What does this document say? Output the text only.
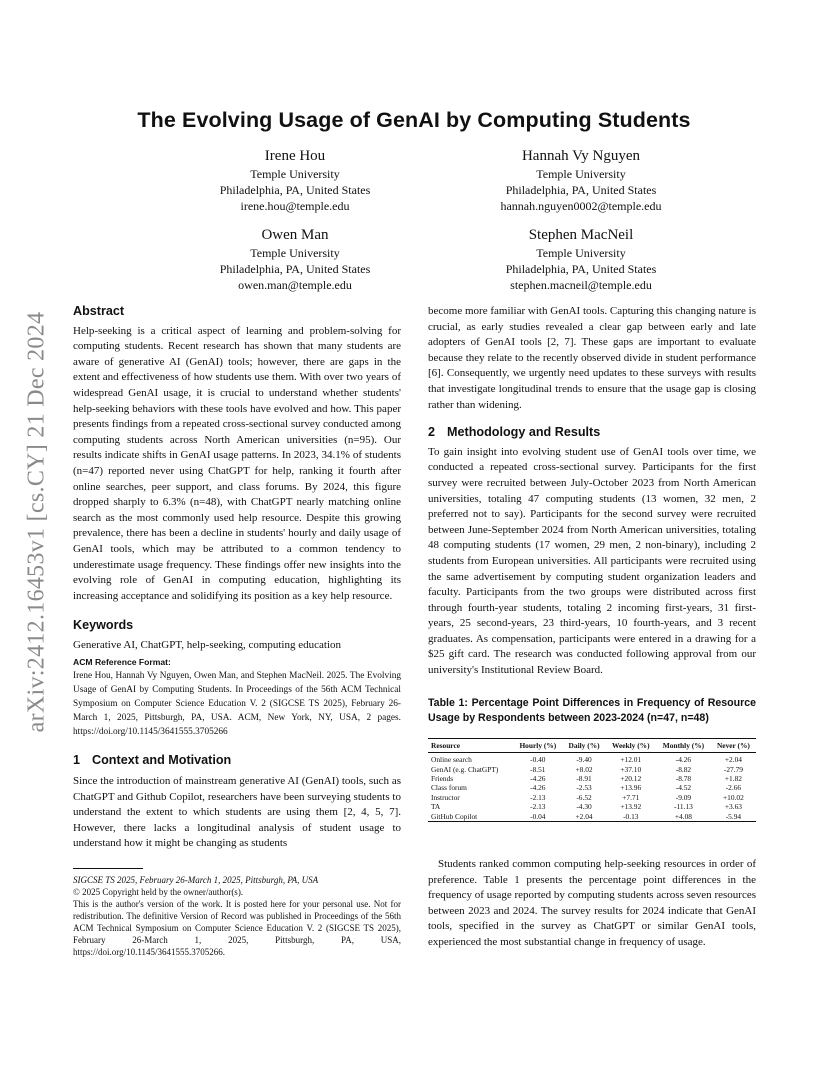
arXiv:2412.16453v1 [cs.CY] 21 Dec 2024
The Evolving Usage of GenAI by Computing Students
Irene Hou
Temple University
Philadelphia, PA, United States
irene.hou@temple.edu
Hannah Vy Nguyen
Temple University
Philadelphia, PA, United States
hannah.nguyen0002@temple.edu
Owen Man
Temple University
Philadelphia, PA, United States
owen.man@temple.edu
Stephen MacNeil
Temple University
Philadelphia, PA, United States
stephen.macneil@temple.edu
Abstract

Help-seeking is a critical aspect of learning and problem-solving for computing students. Recent research has shown that many students are aware of generative AI (GenAI) tools; however, there are gaps in the extent and effectiveness of how students use them. With over two years of widespread GenAI usage, it is crucial to understand whether students' help-seeking behaviors with these tools have evolved and how. This paper presents findings from a repeated cross-sectional survey conducted among computing students across North American universities (n=95). Our results indicate shifts in GenAI usage patterns. In 2023, 34.1% of students (n=47) reported never using ChatGPT for help, ranking it fourth after online searches, peer support, and class forums. By 2024, this figure dropped sharply to 6.3% (n=48), with ChatGPT nearly matching online search as the most commonly used help resource. Despite this growing prevalence, there has been a decline in students' hourly and daily usage of GenAI tools, which may be attributed to a common tendency to underestimate usage frequency. These findings offer new insights into the evolving role of GenAI in computing education, highlighting its increasing acceptance and solidifying its position as a key help resource.

Keywords

Generative AI, ChatGPT, help-seeking, computing education

ACM Reference Format:

Irene Hou, Hannah Vy Nguyen, Owen Man, and Stephen MacNeil. 2025. The Evolving Usage of GenAI by Computing Students. In Proceedings of the 56th ACM Technical Symposium on Computer Science Education V. 2 (SIGCSE TS 2025), February 26-March 1, 2025, Pittsburgh, PA, USA. ACM, New York, NY, USA, 2 pages. https://doi.org/10.1145/3641555.3705266

1 Context and Motivation

Since the introduction of mainstream generative AI (GenAI) tools, such as ChatGPT and Github Copilot, researchers have been surveying students to understand the extent to which students are using them [2, 4, 5, 7]. However, there lacks a longitudinal analysis of student usage to understand how it might be changing as students

SIGCSE TS 2025, February 26-March 1, 2025, Pittsburgh, PA, USA
© 2025 Copyright held by the owner/author(s).
This is the author's version of the work. It is posted here for your personal use. Not for redistribution. The definitive Version of Record was published in Proceedings of the 56th ACM Technical Symposium on Computer Science Education V. 2 (SIGCSE TS 2025), February 26-March 1, 2025, Pittsburgh, PA, USA, https://doi.org/10.1145/3641555.3705266.

become more familiar with GenAI tools. Capturing this changing nature is crucial, as early studies revealed a clear gap between early and late adopters of GenAI tools [2, 7]. These gaps are important to evaluate because they relate to the recently observed divide in student performance [6]. Consequently, we urgently need updates to these surveys with results that investigate longitudinal trends to ensure that the usage gap is closing rather than widening.

2 Methodology and Results

To gain insight into evolving student use of GenAI tools over time, we conducted a repeated cross-sectional survey. Participants for the first survey were recruited between July-October 2023 from North American universities, totaling 47 computing students (13 women, 32 men, 2 preferred not to say). Participants for the second survey were recruited between June-September 2024 from North American universities, totaling 48 computing students (17 women, 29 men, 2 non-binary), including 2 students from European universities. All participants were recruited using the same advertisement by computing student organization leaders and faculty. Participants from the two groups were distributed across first through fourth-year students, totaling 2 incoming first-years, 31 first-years, 25 second-years, 23 third-years, 10 fourth-years, and 3 recent graduates. As compensation, participants were entered in a drawing for a $25 gift card. The research was conducted following approval from our university's Institutional Review Board.

Table 1: Percentage Point Differences in Frequency of Resource Usage by Respondents between 2023-2024 (n=47, n=48)
Resource	Hourly (%)	Daily (%)	Weekly (%)	Monthly (%)	Never (%)
Online search	-0.40	-9.40	+12.01	-4.26	+2.04
GenAI (e.g. ChatGPT)	-8.51	+8.02	+37.10	-8.82	-27.79
Friends	-4.26	-8.91	+20.12	-8.78	+1.82
Class forum	-4.26	-2.53	+13.96	-4.52	-2.66
Instructor	-2.13	-6.52	+7.71	-9.09	+10.02
TA	-2.13	-4.30	+13.92	-11.13	+3.63
GitHub Copilot	-0.04	+2.04	-0.13	+4.08	-5.94

Students ranked common computing help-seeking resources in order of preference. Table 1 presents the percentage point differences in the frequency of usage reported by computing students across seven resources between 2023 and 2024. The survey results for 2024 indicate that GenAI tools, specified in the survey as ChatGPT or similar GenAI tools, experienced the most substantial change in frequency of usage.
